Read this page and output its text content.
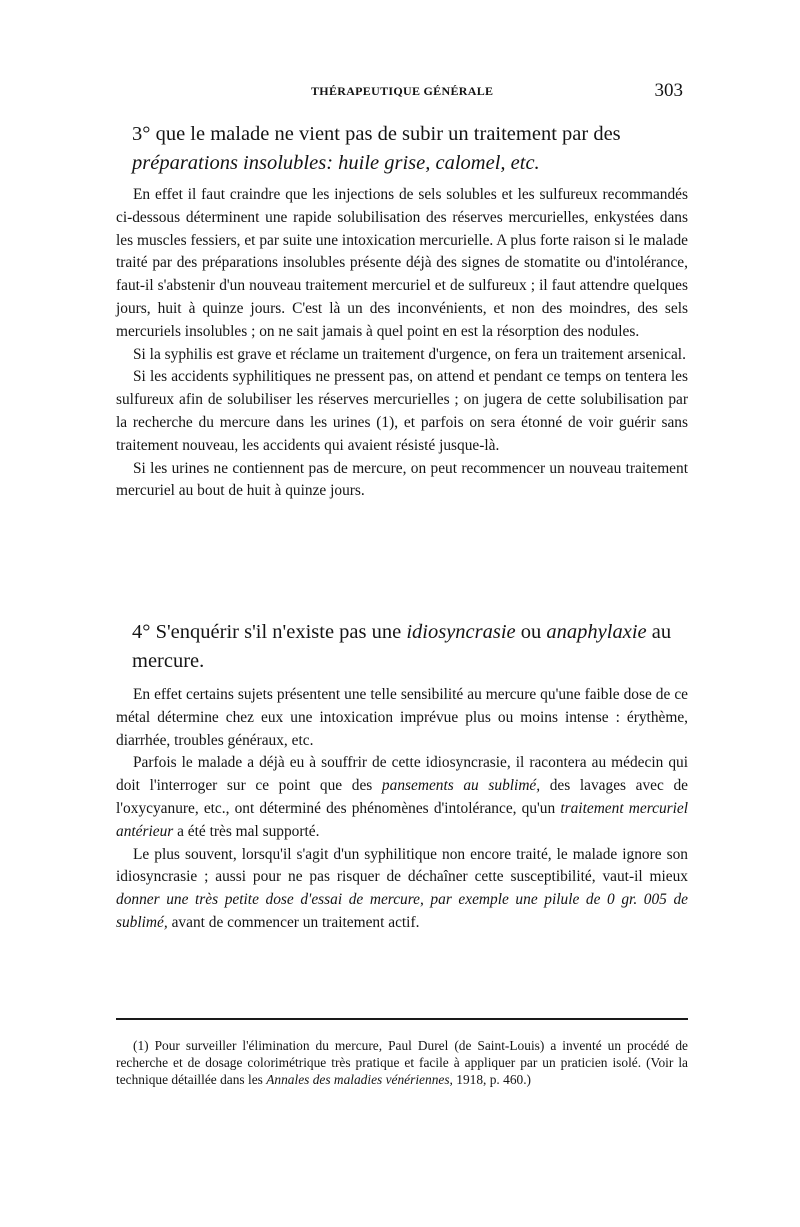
THÉRAPEUTIQUE GÉNÉRALE	303
3° que le malade ne vient pas de subir un traitement par des préparations insolubles: huile grise, calomel, etc.

En effet il faut craindre que les injections de sels solubles et les sulfureux recommandés ci-dessous déterminent une rapide solubilisation des réserves mercurielles, enkystées dans les muscles fessiers, et par suite une intoxication mercurielle. A plus forte raison si le malade traité par des préparations insolubles présente déjà des signes de stomatite ou d'intolérance, faut-il s'abstenir d'un nouveau traitement mercuriel et de sulfureux ; il faut attendre quelques jours, huit à quinze jours. C'est là un des inconvénients, et non des moindres, des sels mercuriels insolubles ; on ne sait jamais à quel point en est la résorption des nodules.

Si la syphilis est grave et réclame un traitement d'urgence, on fera un traitement arsenical.

Si les accidents syphilitiques ne pressent pas, on attend et pendant ce temps on tentera les sulfureux afin de solubiliser les réserves mercurielles ; on jugera de cette solubilisation par la recherche du mercure dans les urines (1), et parfois on sera étonné de voir guérir sans traitement nouveau, les accidents qui avaient résisté jusque-là.

Si les urines ne contiennent pas de mercure, on peut recommencer un nouveau traitement mercuriel au bout de huit à quinze jours.

4° S'enquérir s'il n'existe pas une idiosyncrasie ou anaphylaxie au mercure.

En effet certains sujets présentent une telle sensibilité au mercure qu'une faible dose de ce métal détermine chez eux une intoxication imprévue plus ou moins intense : érythème, diarrhée, troubles généraux, etc.

Parfois le malade a déjà eu à souffrir de cette idiosyncrasie, il racontera au médecin qui doit l'interroger sur ce point que des pansements au sublimé, des lavages avec de l'oxycyanure, etc., ont déterminé des phénomènes d'intolérance, qu'un traitement mercuriel antérieur a été très mal supporté.

Le plus souvent, lorsqu'il s'agit d'un syphilitique non encore traité, le malade ignore son idiosyncrasie ; aussi pour ne pas risquer de déchaîner cette susceptibilité, vaut-il mieux donner une très petite dose d'essai de mercure, par exemple une pilule de 0 gr. 005 de sublimé, avant de commencer un traitement actif.

(1) Pour surveiller l'élimination du mercure, Paul Durel (de Saint-Louis) a inventé un procédé de recherche et de dosage colorimétrique très pratique et facile à appliquer par un praticien isolé. (Voir la technique détaillée dans les Annales des maladies vénériennes, 1918, p. 460.)
